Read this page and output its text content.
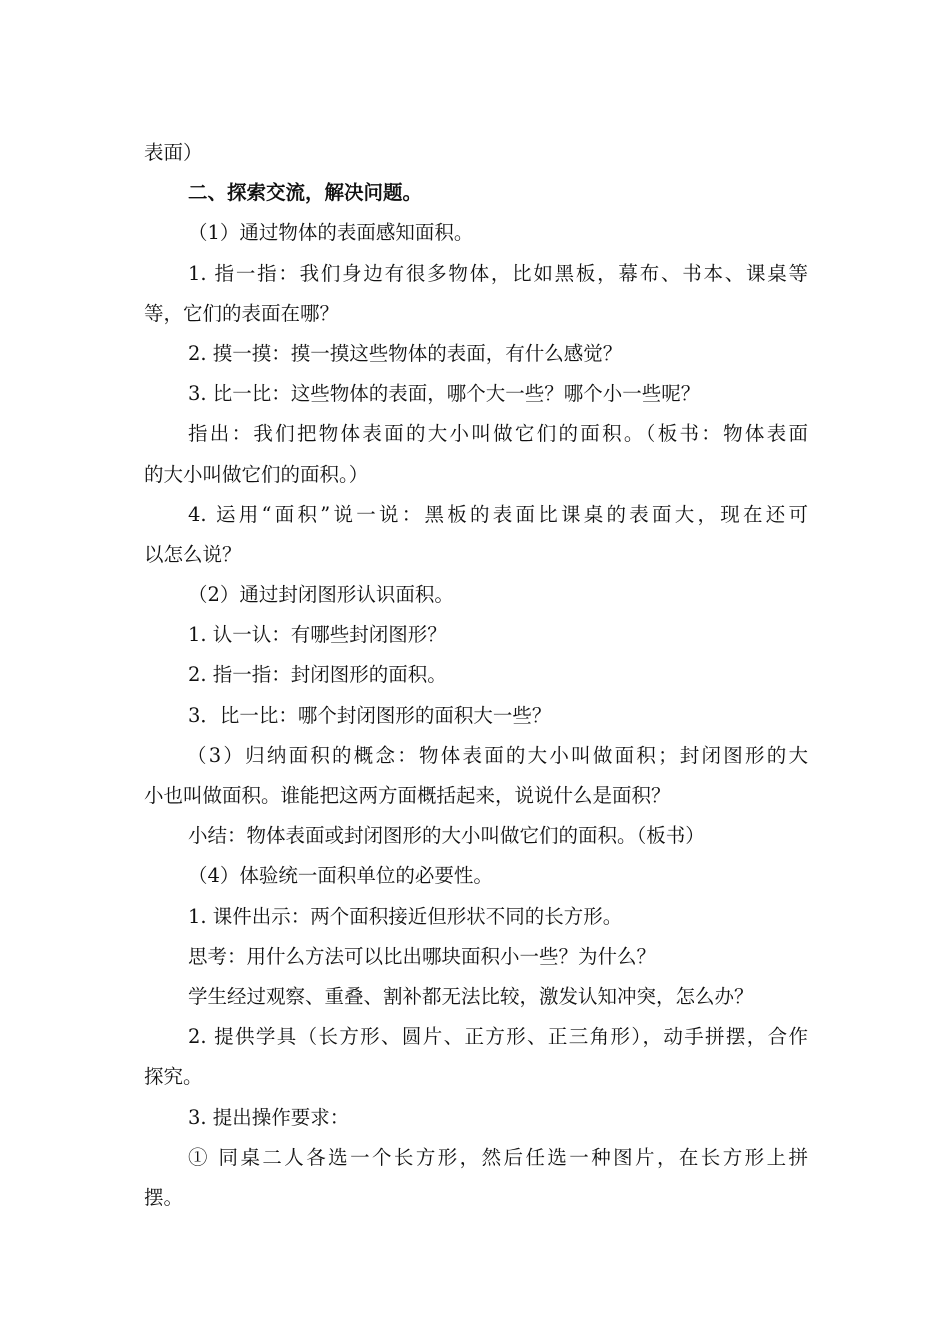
表面）
二、探索交流，解决问题。
（1）通过物体的表面感知面积。
1. 指一指：我们身边有很多物体，比如黑板，幕布、书本、课桌等
等，它们的表面在哪？
2. 摸一摸：摸一摸这些物体的表面，有什么感觉？
3. 比一比：这些物体的表面，哪个大一些？哪个小一些呢？
指出：我们把物体表面的大小叫做它们的面积。（板书：物体表面
的大小叫做它们的面积。）
4. 运用“面积”说一说：黑板的表面比课桌的表面大，现在还可
以怎么说？
（2）通过封闭图形认识面积。
1. 认一认：有哪些封闭图形？
2. 指一指：封闭图形的面积。
3．比一比：哪个封闭图形的面积大一些？
（3）归纳面积的概念：物体表面的大小叫做面积；封闭图形的大
小也叫做面积。谁能把这两方面概括起来，说说什么是面积？
小结：物体表面或封闭图形的大小叫做它们的面积。（板书）
（4）体验统一面积单位的必要性。
1. 课件出示：两个面积接近但形状不同的长方形。
思考：用什么方法可以比出哪块面积小一些？为什么？
学生经过观察、重叠、割补都无法比较，激发认知冲突，怎么办？
2. 提供学具（长方形、圆片、正方形、正三角形），动手拼摆，合作
探究。
3. 提出操作要求：
① 同桌二人各选一个长方形，然后任选一种图片，在长方形上拼
摆。
